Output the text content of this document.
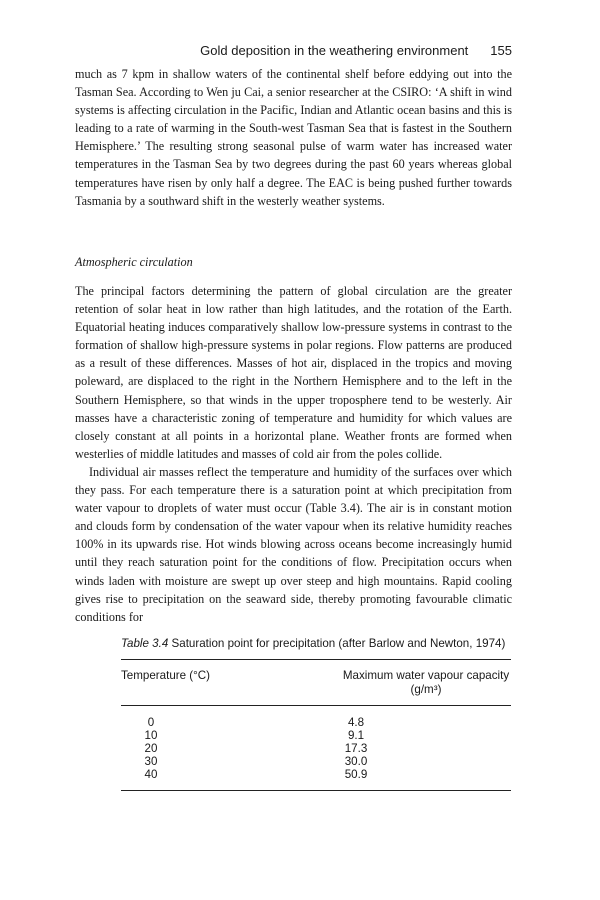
Gold deposition in the weathering environment 155

much as 7 kpm in shallow waters of the continental shelf before eddying out into the Tasman Sea. According to Wen ju Cai, a senior researcher at the CSIRO: ‘A shift in wind systems is affecting circulation in the Pacific, Indian and Atlantic ocean basins and this is leading to a rate of warming in the South-west Tasman Sea that is fastest in the Southern Hemisphere.’ The resulting strong seasonal pulse of warm water has increased water temperatures in the Tasman Sea by two degrees during the past 60 years whereas global temperatures have risen by only half a degree. The EAC is being pushed further towards Tasmania by a southward shift in the westerly weather systems.

Atmospheric circulation

The principal factors determining the pattern of global circulation are the greater retention of solar heat in low rather than high latitudes, and the rotation of the Earth. Equatorial heating induces comparatively shallow low-pressure systems in contrast to the formation of shallow high-pressure systems in polar regions. Flow patterns are produced as a result of these differences. Masses of hot air, displaced in the tropics and moving poleward, are displaced to the right in the Northern Hemisphere and to the left in the Southern Hemisphere, so that winds in the upper troposphere tend to be westerly. Air masses have a characteristic zoning of temperature and humidity for which values are closely constant at all points in a horizontal plane. Weather fronts are formed when westerlies of middle latitudes and masses of cold air from the poles collide.

Individual air masses reflect the temperature and humidity of the surfaces over which they pass. For each temperature there is a saturation point at which precipitation from water vapour to droplets of water must occur (Table 3.4). The air is in constant motion and clouds form by condensation of the water vapour when its relative humidity reaches 100% in its upwards rise. Hot winds blowing across oceans become increasingly humid until they reach saturation point for the conditions of flow. Precipitation occurs when winds laden with moisture are swept up over steep and high mountains. Rapid cooling gives rise to precipitation on the seaward side, thereby promoting favourable climatic conditions for

Table 3.4 Saturation point for precipitation (after Barlow and Newton, 1974)
Temperature (°C)	Maximum water vapour capacity
(g/m³)
0	4.8
10	9.1
20	17.3
30	30.0
40	50.9
